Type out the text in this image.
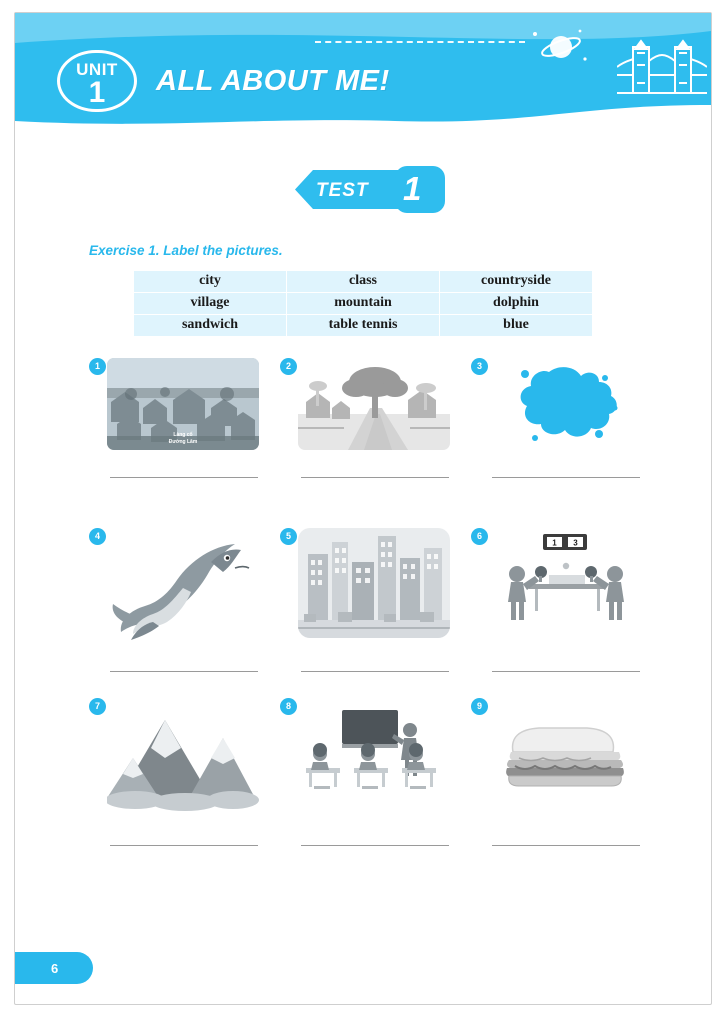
UNIT
1	ALL ABOUT ME!
TEST 1
Exercise 1. Label the pictures.
city	class	countryside
village	mountain	dolphin
sandwich	table tennis	blue
1
Làng cổ
Đường Lâm
2	3
4	5	6
1 3
7	8	9
6
